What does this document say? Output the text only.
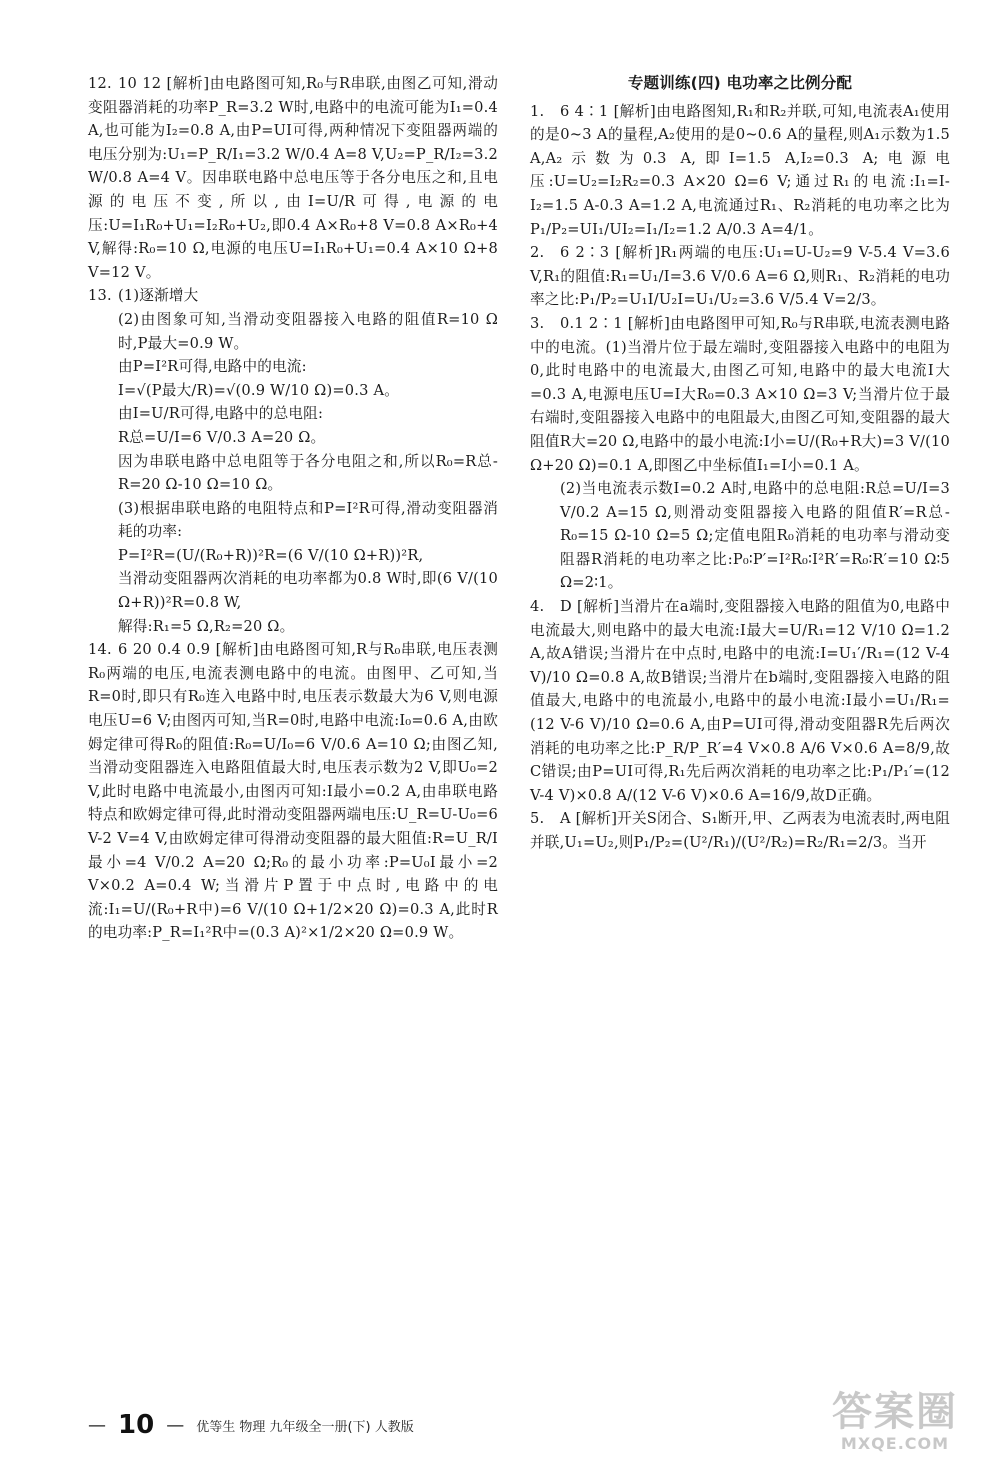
12. 10 12 [解析]由电路图可知,R₀与R串联,由图乙可知,滑动变阻器消耗的功率P_R=3.2 W时,电路中的电流可能为I₁=0.4 A,也可能为I₂=0.8 A,由P=UI可得,两种情况下变阻器两端的电压分别为:U₁=P_R/I₁=3.2 W/0.4 A=8 V,U₂=P_R/I₂=3.2 W/0.8 A=4 V。因串联电路中总电压等于各分电压之和,且电源的电压不变,所以,由I=U/R可得,电源的电压:U=I₁R₀+U₁=I₂R₀+U₂,即0.4 A×R₀+8 V=0.8 A×R₀+4 V,解得:R₀=10 Ω,电源的电压U=I₁R₀+U₁=0.4 A×10 Ω+8 V=12 V。

13. (1)逐渐增大

(2)由图象可知,当滑动变阻器接入电路的阻值R=10 Ω时,P最大=0.9 W。

由P=I²R可得,电路中的电流:

I=√(P最大/R)=√(0.9 W/10 Ω)=0.3 A。

由I=U/R可得,电路中的总电阻:

R总=U/I=6 V/0.3 A=20 Ω。

因为串联电路中总电阻等于各分电阻之和,所以R₀=R总-R=20 Ω-10 Ω=10 Ω。

(3)根据串联电路的电阻特点和P=I²R可得,滑动变阻器消耗的功率:

P=I²R=(U/(R₀+R))²R=(6 V/(10 Ω+R))²R,

当滑动变阻器两次消耗的电功率都为0.8 W时,即(6 V/(10 Ω+R))²R=0.8 W,

解得:R₁=5 Ω,R₂=20 Ω。

14. 6 20 0.4 0.9 [解析]由电路图可知,R与R₀串联,电压表测R₀两端的电压,电流表测电路中的电流。由图甲、乙可知,当R=0时,即只有R₀连入电路中时,电压表示数最大为6 V,则电源电压U=6 V;由图丙可知,当R=0时,电路中电流:I₀=0.6 A,由欧姆定律可得R₀的阻值:R₀=U/I₀=6 V/0.6 A=10 Ω;由图乙知,当滑动变阻器连入电路阻值最大时,电压表示数为2 V,即U₀=2 V,此时电路中电流最小,由图丙可知:I最小=0.2 A,由串联电路特点和欧姆定律可得,此时滑动变阻器两端电压:U_R=U-U₀=6 V-2 V=4 V,由欧姆定律可得滑动变阻器的最大阻值:R=U_R/I最小=4 V/0.2 A=20 Ω;R₀的最小功率:P=U₀I最小=2 V×0.2 A=0.4 W;当滑片P置于中点时,电路中的电流:I₁=U/(R₀+R中)=6 V/(10 Ω+1/2×20 Ω)=0.3 A,此时R的电功率:P_R=I₁²R中=(0.3 A)²×1/2×20 Ω=0.9 W。

专题训练(四) 电功率之比例分配

1. 6 4∶1 [解析]由电路图知,R₁和R₂并联,可知,电流表A₁使用的是0~3 A的量程,A₂使用的是0~0.6 A的量程,则A₁示数为1.5 A,A₂示数为0.3 A,即I=1.5 A,I₂=0.3 A;电源电压:U=U₂=I₂R₂=0.3 A×20 Ω=6 V;通过R₁的电流:I₁=I-I₂=1.5 A-0.3 A=1.2 A,电流通过R₁、R₂消耗的电功率之比为P₁/P₂=UI₁/UI₂=I₁/I₂=1.2 A/0.3 A=4/1。

2. 6 2∶3 [解析]R₁两端的电压:U₁=U-U₂=9 V-5.4 V=3.6 V,R₁的阻值:R₁=U₁/I=3.6 V/0.6 A=6 Ω,则R₁、R₂消耗的电功率之比:P₁/P₂=U₁I/U₂I=U₁/U₂=3.6 V/5.4 V=2/3。

3. 0.1 2∶1 [解析]由电路图甲可知,R₀与R串联,电流表测电路中的电流。(1)当滑片位于最左端时,变阻器接入电路中的电阻为0,此时电路中的电流最大,由图乙可知,电路中的最大电流I大=0.3 A,电源电压U=I大R₀=0.3 A×10 Ω=3 V;当滑片位于最右端时,变阻器接入电路中的电阻最大,由图乙可知,变阻器的最大阻值R大=20 Ω,电路中的最小电流:I小=U/(R₀+R大)=3 V/(10 Ω+20 Ω)=0.1 A,即图乙中坐标值I₁=I小=0.1 A。

(2)当电流表示数I=0.2 A时,电路中的总电阻:R总=U/I=3 V/0.2 A=15 Ω,则滑动变阻器接入电路的阻值R′=R总-R₀=15 Ω-10 Ω=5 Ω;定值电阻R₀消耗的电功率与滑动变阻器R消耗的电功率之比:P₀∶P′=I²R₀∶I²R′=R₀∶R′=10 Ω∶5 Ω=2∶1。

4. D [解析]当滑片在a端时,变阻器接入电路的阻值为0,电路中电流最大,则电路中的最大电流:I最大=U/R₁=12 V/10 Ω=1.2 A,故A错误;当滑片在中点时,电路中的电流:I=U₁′/R₁=(12 V-4 V)/10 Ω=0.8 A,故B错误;当滑片在b端时,变阻器接入电路的阻值最大,电路中的电流最小,电路中的最小电流:I最小=U₁/R₁=(12 V-6 V)/10 Ω=0.6 A,由P=UI可得,滑动变阻器R先后两次消耗的电功率之比:P_R/P_R′=4 V×0.8 A/6 V×0.6 A=8/9,故C错误;由P=UI可得,R₁先后两次消耗的电功率之比:P₁/P₁′=(12 V-4 V)×0.8 A/(12 V-6 V)×0.6 A=16/9,故D正确。

5. A [解析]开关S闭合、S₁断开,甲、乙两表为电流表时,两电阻并联,U₁=U₂,则P₁/P₂=(U²/R₁)/(U²/R₂)=R₂/R₁=2/3。当开

— 10 — 优等生 物理 九年级全一册(下) 人教版	答案圈
MXQE.COM
